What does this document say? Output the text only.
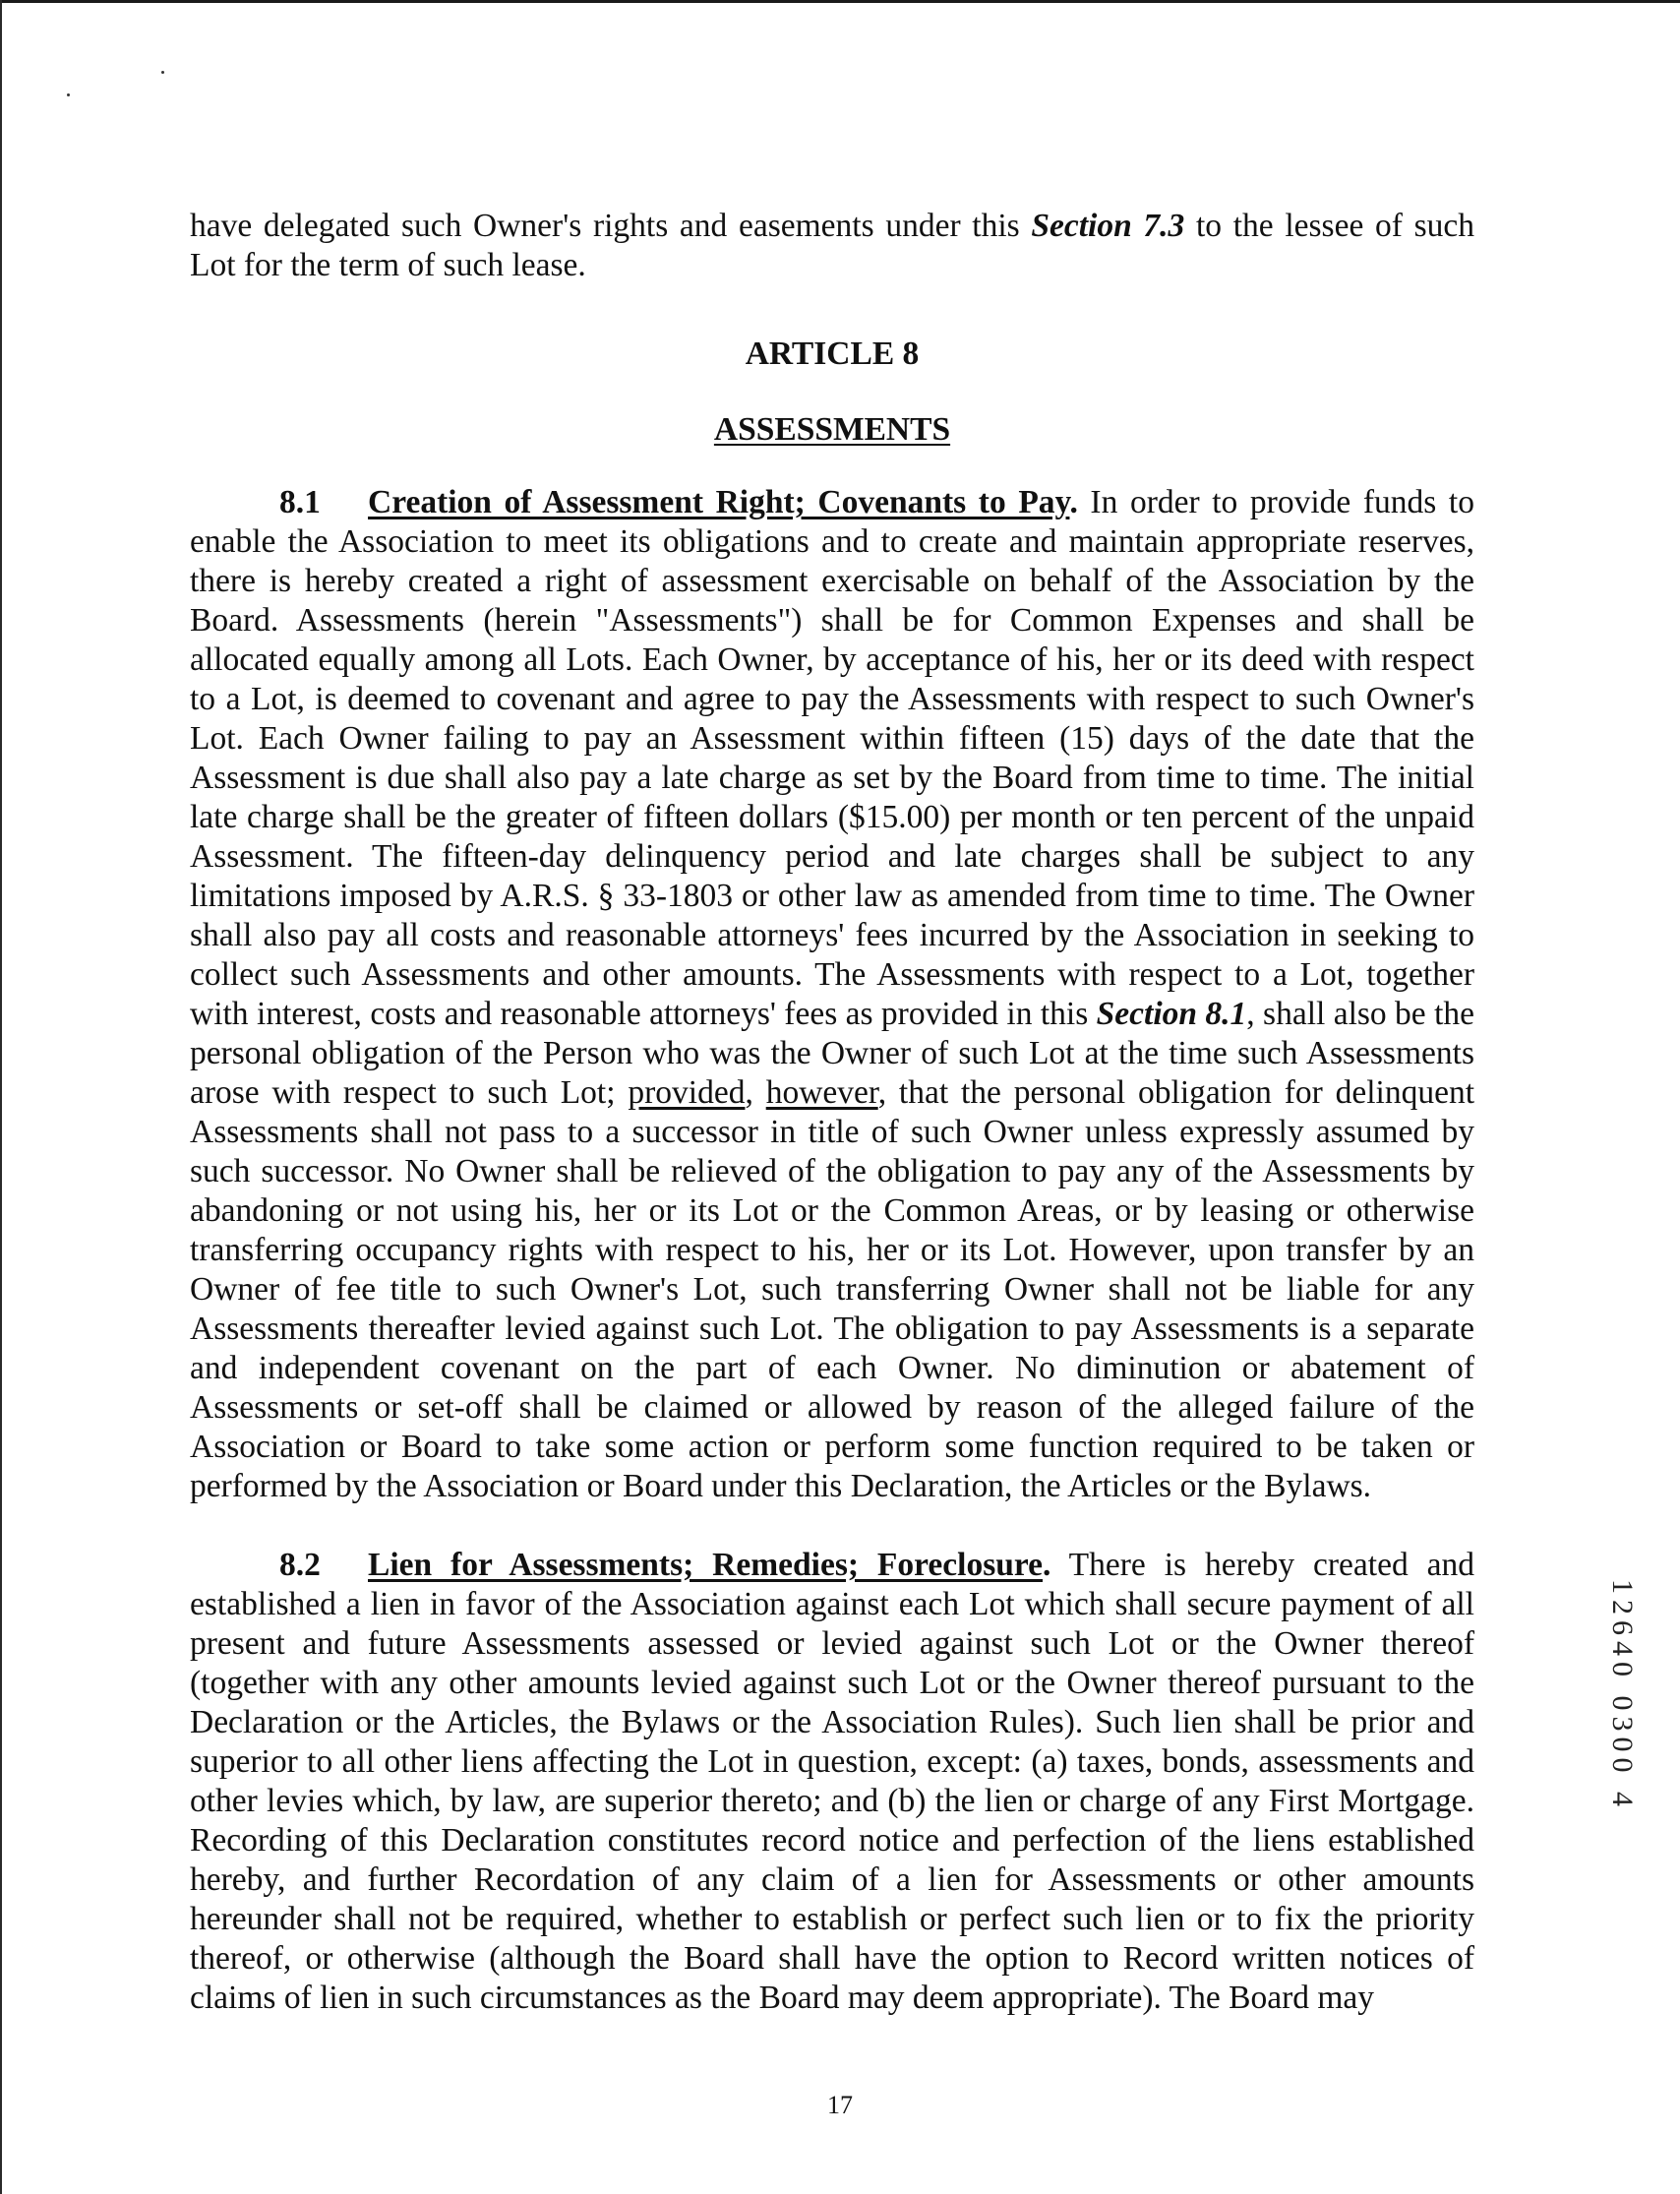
have delegated such Owner's rights and easements under this Section 7.3 to the lessee of such Lot for the term of such lease.

ARTICLE 8
ASSESSMENTS

8.1 Creation of Assessment Right; Covenants to Pay. In order to provide funds to enable the Association to meet its obligations and to create and maintain appropriate reserves, there is hereby created a right of assessment exercisable on behalf of the Association by the Board. Assessments (herein "Assessments") shall be for Common Expenses and shall be allocated equally among all Lots. Each Owner, by acceptance of his, her or its deed with respect to a Lot, is deemed to covenant and agree to pay the Assessments with respect to such Owner's Lot. Each Owner failing to pay an Assessment within fifteen (15) days of the date that the Assessment is due shall also pay a late charge as set by the Board from time to time. The initial late charge shall be the greater of fifteen dollars ($15.00) per month or ten percent of the unpaid Assessment. The fifteen-day delinquency period and late charges shall be subject to any limitations imposed by A.R.S. § 33-1803 or other law as amended from time to time. The Owner shall also pay all costs and reasonable attorneys' fees incurred by the Association in seeking to collect such Assessments and other amounts. The Assessments with respect to a Lot, together with interest, costs and reasonable attorneys' fees as provided in this Section 8.1, shall also be the personal obligation of the Person who was the Owner of such Lot at the time such Assessments arose with respect to such Lot; provided, however, that the personal obligation for delinquent Assessments shall not pass to a successor in title of such Owner unless expressly assumed by such successor. No Owner shall be relieved of the obligation to pay any of the Assessments by abandoning or not using his, her or its Lot or the Common Areas, or by leasing or otherwise transferring occupancy rights with respect to his, her or its Lot. However, upon transfer by an Owner of fee title to such Owner's Lot, such transferring Owner shall not be liable for any Assessments thereafter levied against such Lot. The obligation to pay Assessments is a separate and independent covenant on the part of each Owner. No diminution or abatement of Assessments or set-off shall be claimed or allowed by reason of the alleged failure of the Association or Board to take some action or perform some function required to be taken or performed by the Association or Board under this Declaration, the Articles or the Bylaws.

8.2 Lien for Assessments; Remedies; Foreclosure. There is hereby created and established a lien in favor of the Association against each Lot which shall secure payment of all present and future Assessments assessed or levied against such Lot or the Owner thereof (together with any other amounts levied against such Lot or the Owner thereof pursuant to the Declaration or the Articles, the Bylaws or the Association Rules). Such lien shall be prior and superior to all other liens affecting the Lot in question, except: (a) taxes, bonds, assessments and other levies which, by law, are superior thereto; and (b) the lien or charge of any First Mortgage. Recording of this Declaration constitutes record notice and perfection of the liens established hereby, and further Recordation of any claim of a lien for Assessments or other amounts hereunder shall not be required, whether to establish or perfect such lien or to fix the priority thereof, or otherwise (although the Board shall have the option to Record written notices of claims of lien in such circumstances as the Board may deem appropriate). The Board may

12640 0300 4
17
